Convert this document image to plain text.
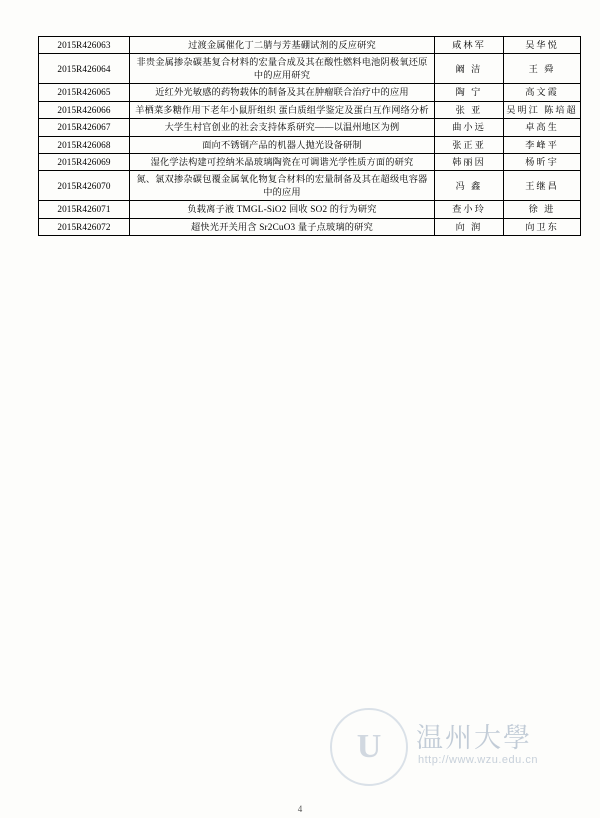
2015R426063	过渡金属催化丁二腈与芳基硼试剂的反应研究	咸林军	吴华悦
2015R426064	非贵金属掺杂碳基复合材料的宏量合成及其在酸性燃料电池阴极氧还原中的应用研究	阚 洁	王 舜
2015R426065	近红外光敏感的药物载体的制备及其在肿瘤联合治疗中的应用	陶 宁	高文霞
2015R426066	羊栖菜多糖作用下老年小鼠肝组织 蛋白质组学鉴定及蛋白互作网络分析	张 亚	吴明江 陈培超
2015R426067	大学生村官创业的社会支持体系研究——以温州地区为例	曲小远	卓高生
2015R426068	面向不锈钢产品的机器人抛光设备研制	张正亚	李峰平
2015R426069	湿化学法构建可控纳米晶玻璃陶瓷在可调谐光学性质方面的研究	韩丽因	杨昕宇
2015R426070	氮、氯双掺杂碳包覆金属氧化物复合材料的宏量制备及其在超级电容器中的应用	冯 鑫	王继昌
2015R426071	负载离子液 TMGL-SiO2 回收 SO2 的行为研究	查小玲	徐 进
2015R426072	超快光开关用含 Sr2CuO3 量子点玻璃的研究	向 润	向卫东
U 温州大學
http://www.wzu.edu.cn
4
